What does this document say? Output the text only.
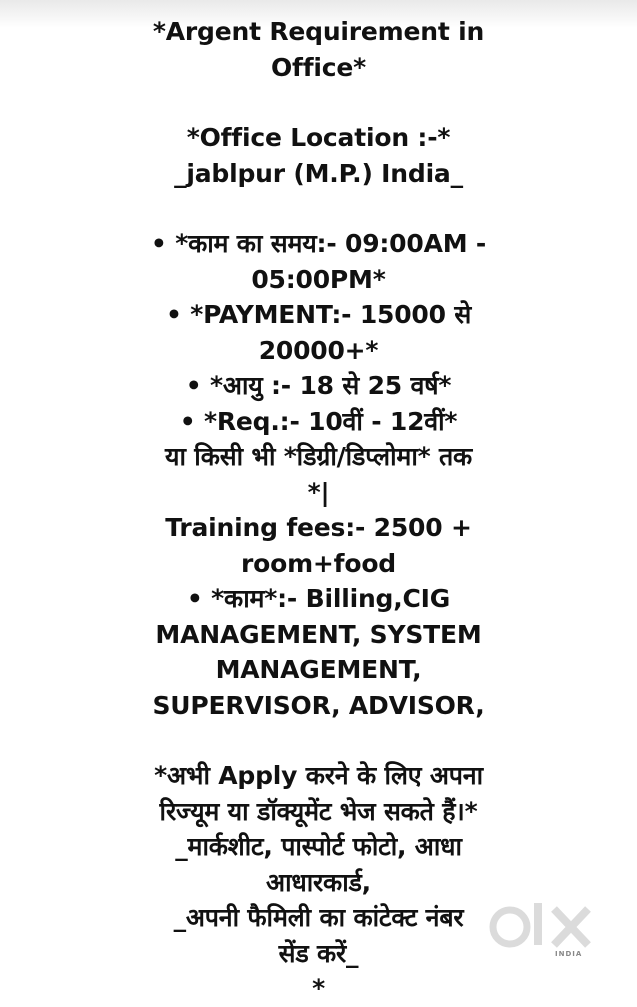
*Argent Requirement in
Office*
*Office Location :-*
_jablpur (M.P.) India_
• *काम का समय:- 09:00AM -
05:00PM*
• *PAYMENT:- 15000 से
20000+*
• *आयु :- 18 से 25 वर्ष*
• *Req.:- 10वीं - 12वीं*
या किसी भी *डिग्री/डिप्लोमा* तक
*|
Training fees:- 2500 +
room+food
• *काम*:- Billing,CIG
MANAGEMENT, SYSTEM
MANAGEMENT,
SUPERVISOR, ADVISOR,
*अभी Apply करने के लिए अपना
रिज्यूम या डॉक्यूमेंट भेज सकते हैं।*
_मार्कशीट, पास्पोर्ट फोटो, आधा
आधारकार्ड,
_अपनी फैमिली का कांटेक्ट नंबर
सेंड करें_
*
INDIA
